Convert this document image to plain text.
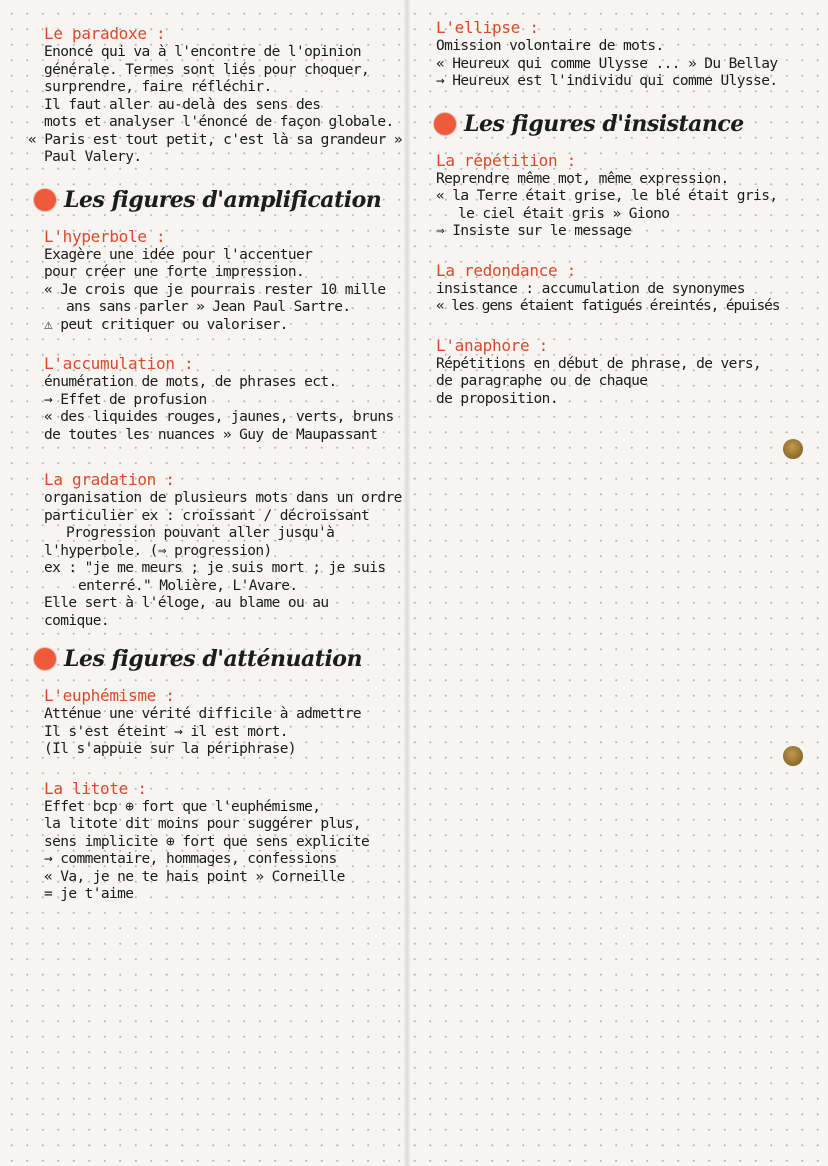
Le paradoxe :

Enoncé qui va à l'encontre de l'opinion

générale. Termes sont liés pour choquer,

surprendre, faire réfléchir.

Il faut aller au-delà des sens des

mots et analyser l'énoncé de façon globale.

« Paris est tout petit, c'est là sa grandeur »

Paul Valery.

Les figures d'amplification

L'hyperbole :

Exagère une idée pour l'accentuer

pour créer une forte impression.

« Je crois que je pourrais rester 10 mille

ans sans parler » Jean Paul Sartre.

⚠ peut critiquer ou valoriser.

L'accumulation :

énumération de mots, de phrases ect.

→ Effet de profusion

« des liquides rouges, jaunes, verts, bruns

de toutes les nuances » Guy de Maupassant

La gradation :

organisation de plusieurs mots dans un ordre

particulier ex : croissant / décroissant

Progression pouvant aller jusqu'à

l'hyperbole. (⇒ progression)

ex : "je me meurs ; je suis mort ; je suis

enterré." Molière, L'Avare.

Elle sert à l'éloge, au blame ou au

comique.

Les figures d'atténuation

L'euphémisme :

Atténue une vérité difficile à admettre

Il s'est éteint → il est mort.

(Il s'appuie sur la périphrase)

La litote :

Effet bcp ⊕ fort que l'euphémisme,

la litote dit moins pour suggérer plus,

sens implicite ⊕ fort que sens explicite

→ commentaire, hommages, confessions

« Va, je ne te hais point » Corneille

= je t'aime

L'ellipse :

Omission volontaire de mots.

« Heureux qui comme Ulysse ... » Du Bellay

→ Heureux est l'individu qui comme Ulysse.

Les figures d'insistance

La répétition :

Reprendre même mot, même expression.

« la Terre était grise, le blé était gris,

le ciel était gris » Giono

⇒ Insiste sur le message

La redondance :

insistance : accumulation de synonymes

« les gens étaient fatigués éreintés, épuisés

L'anaphore :

Répétitions en début de phrase, de vers,

de paragraphe ou de chaque

de proposition.
